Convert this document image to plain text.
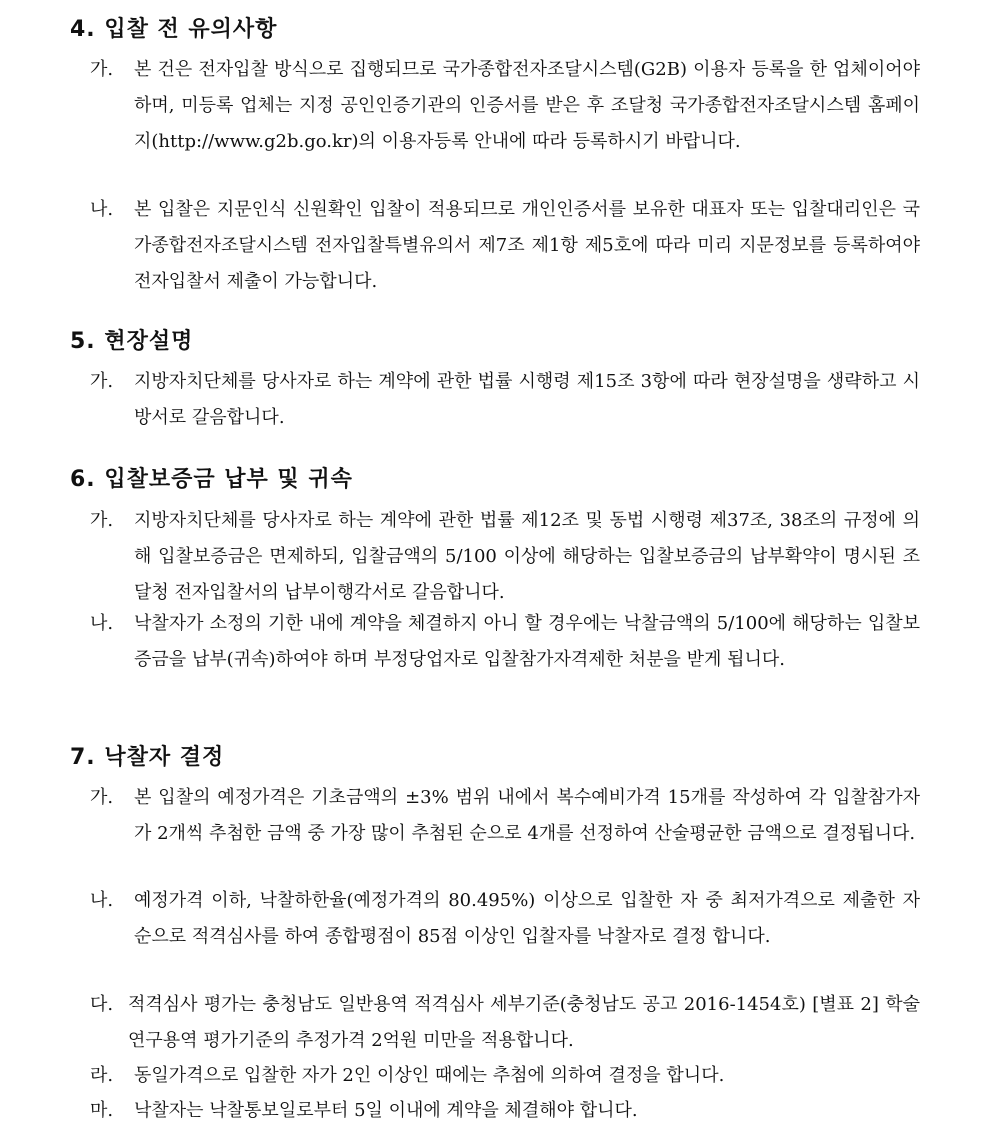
4. 입찰 전 유의사항
가. 본 건은 전자입찰 방식으로 집행되므로 국가종합전자조달시스템(G2B) 이용자 등록을 한 업체이어야 하며, 미등록 업체는 지정 공인인증기관의 인증서를 받은 후 조달청 국가종합전자조달시스템 홈페이지(http://www.g2b.go.kr)의 이용자등록 안내에 따라 등록하시기 바랍니다.
나. 본 입찰은 지문인식 신원확인 입찰이 적용되므로 개인인증서를 보유한 대표자 또는 입찰대리인은 국가종합전자조달시스템 전자입찰특별유의서 제7조 제1항 제5호에 따라 미리 지문정보를 등록하여야 전자입찰서 제출이 가능합니다.
5. 현장설명
가. 지방자치단체를 당사자로 하는 계약에 관한 법률 시행령 제15조 3항에 따라 현장설명을 생략하고 시방서로 갈음합니다.
6. 입찰보증금 납부 및 귀속
가. 지방자치단체를 당사자로 하는 계약에 관한 법률 제12조 및 동법 시행령 제37조, 38조의 규정에 의해 입찰보증금은 면제하되, 입찰금액의 5/100 이상에 해당하는 입찰보증금의 납부확약이 명시된 조달청 전자입찰서의 납부이행각서로 갈음합니다.
나. 낙찰자가 소정의 기한 내에 계약을 체결하지 아니 할 경우에는 낙찰금액의 5/100에 해당하는 입찰보증금을 납부(귀속)하여야 하며 부정당업자로 입찰참가자격제한 처분을 받게 됩니다.
7. 낙찰자 결정
가. 본 입찰의 예정가격은 기초금액의 ±3% 범위 내에서 복수예비가격 15개를 작성하여 각 입찰참가자가 2개씩 추첨한 금액 중 가장 많이 추첨된 순으로 4개를 선정하여 산술평균한 금액으로 결정됩니다.
나. 예정가격 이하, 낙찰하한율(예정가격의 80.495%) 이상으로 입찰한 자 중 최저가격으로 제출한 자 순으로 적격심사를 하여 종합평점이 85점 이상인 입찰자를 낙찰자로 결정 합니다.
다. 적격심사 평가는 충청남도 일반용역 적격심사 세부기준(충청남도 공고 2016-1454호) [별표 2] 학술연구용역 평가기준의 추정가격 2억원 미만을 적용합니다.
라. 동일가격으로 입찰한 자가 2인 이상인 때에는 추첨에 의하여 결정을 합니다.
마. 낙찰자는 낙찰통보일로부터 5일 이내에 계약을 체결해야 합니다.
